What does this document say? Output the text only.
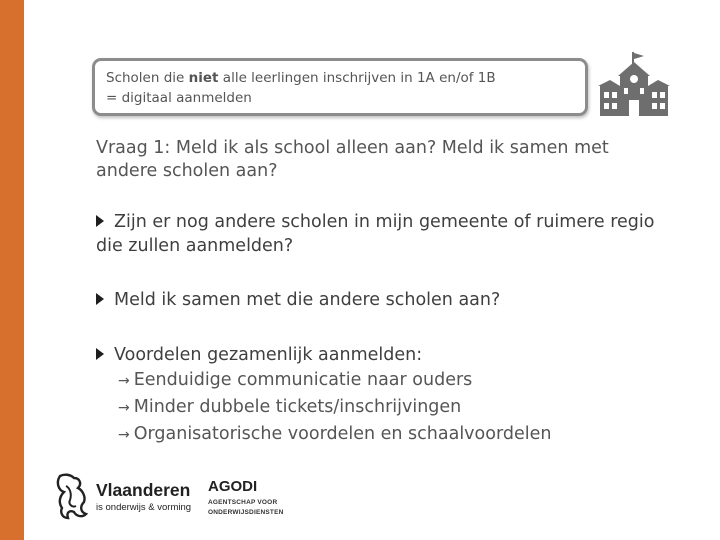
Scholen die niet alle leerlingen inschrijven in 1A en/of 1B
= digitaal aanmelden
Vraag 1: Meld ik als school alleen aan? Meld ik samen met andere scholen aan?
Zijn er nog andere scholen in mijn gemeente of ruimere regio die zullen aanmelden?
Meld ik samen met die andere scholen aan?
Voordelen gezamenlijk aanmelden:
→ Eenduidige communicatie naar ouders
→ Minder dubbele tickets/inschrijvingen
→ Organisatorische voordelen en schaalvoordelen
Vlaanderen
is onderwijs & vorming
AGODI
AGENTSCHAP VOOR
ONDERWIJSDIENSTEN
